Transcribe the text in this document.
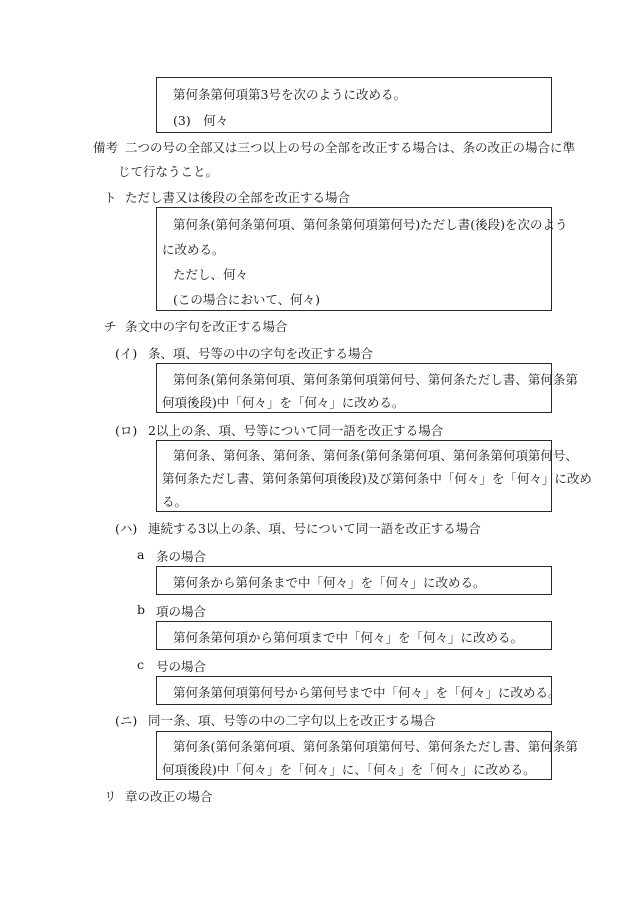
第何条第何項第3号を次のように改める。
(3)　何々
備考 二つの号の全部又は三つ以上の号の全部を改正する場合は、条の改正の場合に準
じて行なうこと。
ト ただし書又は後段の全部を改正する場合
第何条(第何条第何項、第何条第何項第何号)ただし書(後段)を次のよう
に改める。
ただし、何々
(この場合において、何々)
チ 条文中の字句を改正する場合
(イ) 条、項、号等の中の字句を改正する場合
第何条(第何条第何項、第何条第何項第何号、第何条ただし書、第何条第
何項後段)中「何々」を「何々」に改める。
(ロ) 2以上の条、項、号等について同一語を改正する場合
第何条、第何条、第何条、第何条(第何条第何項、第何条第何項第何号、
第何条ただし書、第何条第何項後段)及び第何条中「何々」を「何々」に改め
る。
(ハ) 連続する3以上の条、項、号について同一語を改正する場合
a 条の場合
第何条から第何条まで中「何々」を「何々」に改める。
b 項の場合
第何条第何項から第何項まで中「何々」を「何々」に改める。
c 号の場合
第何条第何項第何号から第何号まで中「何々」を「何々」に改める。
(ニ) 同一条、項、号等の中の二字句以上を改正する場合
第何条(第何条第何項、第何条第何項第何号、第何条ただし書、第何条第
何項後段)中「何々」を「何々」に、「何々」を「何々」に改める。
リ 章の改正の場合
